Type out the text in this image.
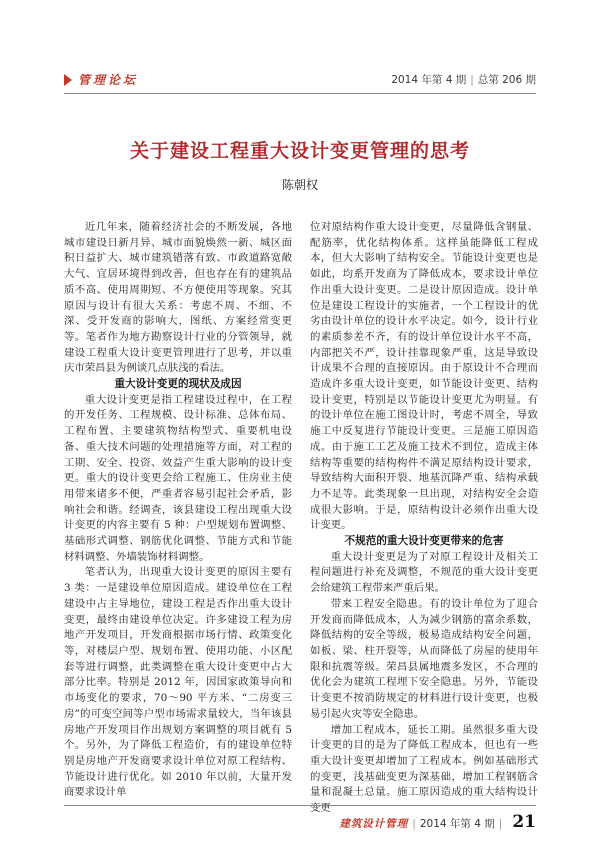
管理论坛	2014 年第 4 期 | 总第 206 期
关于建设工程重大设计变更管理的思考
陈朝权

近几年来，随着经济社会的不断发展，各地城市建设日新月异、城市面貌焕然一新、城区面积日益扩大、城市建筑错落有致、市政道路宽敞大气、宜居环境得到改善，但也存在有的建筑品质不高、使用周期短、不方便使用等现象。究其原因与设计有很大关系：考虑不周、不细、不深、受开发商的影响大，图纸、方案经常变更等。笔者作为地方勘察设计行业的分管领导，就建设工程重大设计变更管理进行了思考，并以重庆市荣昌县为例谈几点肤浅的看法。

重大设计变更的现状及成因

重大设计变更是指工程建设过程中，在工程的开发任务、工程规模、设计标准、总体布局、工程布置、主要建筑物结构型式、重要机电设备、重大技术问题的处理措施等方面，对工程的工期、安全、投资、效益产生重大影响的设计变更。重大的设计变更会给工程施工、住房业主使用带来诸多不便，严重者容易引起社会矛盾，影响社会和谐。经调查，该县建设工程出现重大设计变更的内容主要有 5 种：户型规划布置调整、基础形式调整、钢筋优化调整、节能方式和节能材料调整、外墙装饰材料调整。

笔者认为，出现重大设计变更的原因主要有 3 类：一是建设单位原因造成。建设单位在工程建设中占主导地位，建设工程是否作出重大设计变更，最终由建设单位决定。许多建设工程为房地产开发项目，开发商根据市场行情、政策变化等，对楼层户型、规划布置、使用功能、小区配套等进行调整，此类调整在重大设计变更中占大部分比率。特别是 2012 年，因国家政策导向和市场变化的要求，70～90 平方米、“二房变三房”的可变空间等户型市场需求量较大，当年该县房地产开发项目作出规划方案调整的项目就有 5 个。另外，为了降低工程造价，有的建设单位特别是房地产开发商要求设计单位对原工程结构、节能设计进行优化。如 2010 年以前，大量开发商要求设计单

位对原结构作重大设计变更，尽量降低含钢量、配筋率，优化结构体系。这样虽能降低工程成本，但大大影响了结构安全。节能设计变更也是如此，均系开发商为了降低成本，要求设计单位作出重大设计变更。二是设计原因造成。设计单位是建设工程设计的实施者，一个工程设计的优劣由设计单位的设计水平决定。如今，设计行业的素质参差不齐，有的设计单位设计水平不高，内部把关不严，设计挂靠现象严重，这是导致设计成果不合理的直接原因。由于原设计不合理而造成许多重大设计变更，如节能设计变更、结构设计变更，特别是以节能设计变更尤为明显。有的设计单位在施工图设计时，考虑不周全，导致施工中反复进行节能设计变更。三是施工原因造成。由于施工工艺及施工技术不到位，造成主体结构等重要的结构构件不满足原结构设计要求，导致结构大面积开裂、地基沉降严重、结构承载力不足等。此类现象一旦出现，对结构安全会造成很大影响。于是，原结构设计必须作出重大设计变更。

不规范的重大设计变更带来的危害

重大设计变更是为了对原工程设计及相关工程问题进行补充及调整，不规范的重大设计变更会给建筑工程带来严重后果。

带来工程安全隐患。有的设计单位为了迎合开发商而降低成本，人为减少钢筋的富余系数，降低结构的安全等级，极易造成结构安全问题，如板、梁、柱开裂等，从而降低了房屋的使用年限和抗震等级。荣昌县属地震多发区，不合理的优化会为建筑工程埋下安全隐患。另外，节能设计变更不按消防规定的材料进行设计变更，也极易引起火灾等安全隐患。

增加工程成本，延长工期。虽然很多重大设计变更的目的是为了降低工程成本，但也有一些重大设计变更却增加了工程成本。例如基础形式的变更，浅基础变更为深基础，增加工程钢筋含量和混凝土总量。施工原因造成的重大结构设计变更

建筑设计管理 | 2014 年第 4 期 | 21
